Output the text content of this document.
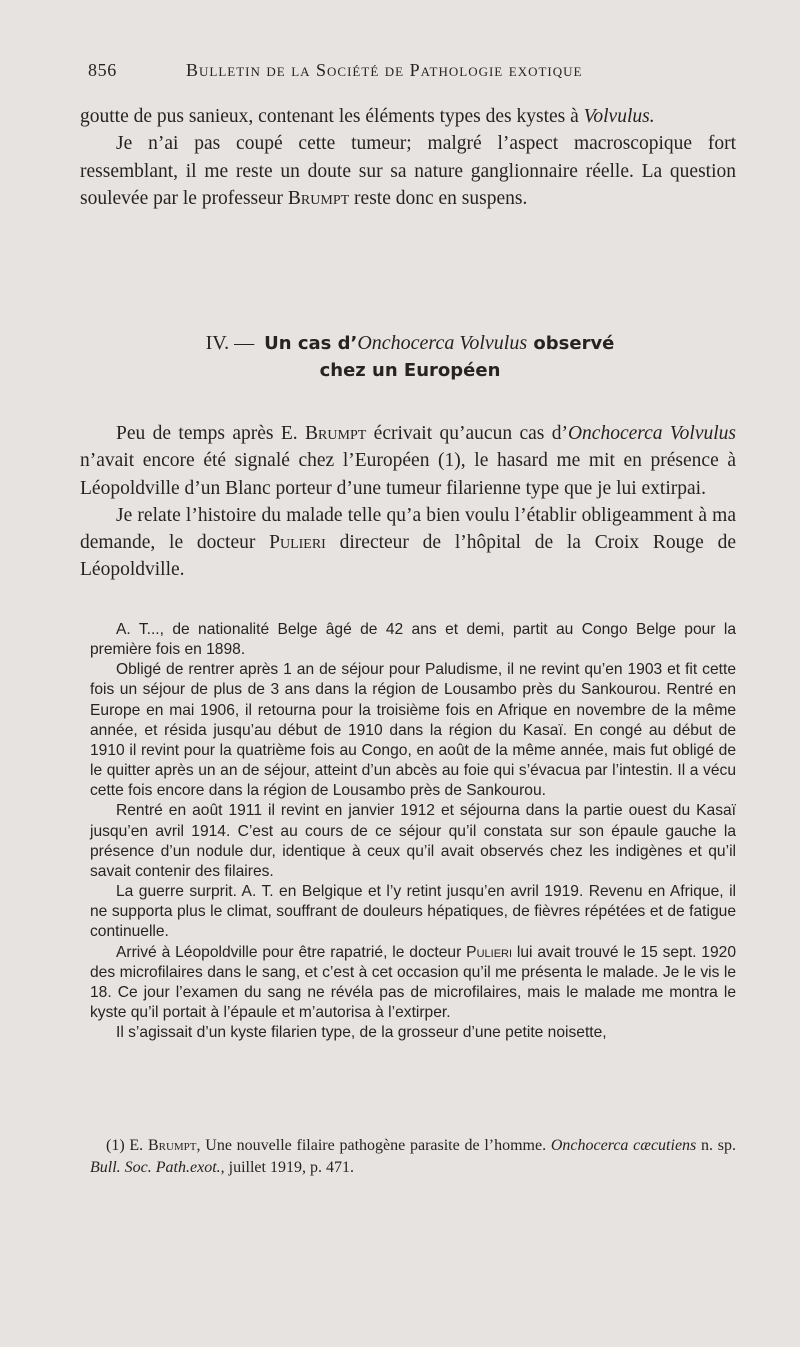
856	Bulletin de la Société de Pathologie exotique

goutte de pus sanieux, contenant les éléments types des kystes à Volvulus.

Je n’ai pas coupé cette tumeur; malgré l’aspect macroscopique fort ressemblant, il me reste un doute sur sa nature ganglionnaire réelle. La question soulevée par le professeur Brumpt reste donc en suspens.

IV. — Un cas d’Onchocerca Volvulus observé
chez un Européen

Peu de temps après E. Brumpt écrivait qu’aucun cas d’Onchocerca Volvulus n’avait encore été signalé chez l’Européen (1), le hasard me mit en présence à Léopoldville d’un Blanc porteur d’une tumeur filarienne type que je lui extirpai.

Je relate l’histoire du malade telle qu’a bien voulu l’établir obligeamment à ma demande, le docteur Pulieri directeur de l’hôpital de la Croix Rouge de Léopoldville.

A. T..., de nationalité Belge âgé de 42 ans et demi, partit au Congo Belge pour la première fois en 1898.

Obligé de rentrer après 1 an de séjour pour Paludisme, il ne revint qu’en 1903 et fit cette fois un séjour de plus de 3 ans dans la région de Lousambo près du Sankourou. Rentré en Europe en mai 1906, il retourna pour la troisième fois en Afrique en novembre de la même année, et résida jusqu’au début de 1910 dans la région du Kasaï. En congé au début de 1910 il revint pour la quatrième fois au Congo, en août de la même année, mais fut obligé de le quitter après un an de séjour, atteint d’un abcès au foie qui s’évacua par l’intestin. Il a vécu cette fois encore dans la région de Lousambo près de Sankourou.

Rentré en août 1911 il revint en janvier 1912 et séjourna dans la partie ouest du Kasaï jusqu’en avril 1914. C’est au cours de ce séjour qu’il constata sur son épaule gauche la présence d’un nodule dur, identique à ceux qu’il avait observés chez les indigènes et qu’il savait contenir des filaires.

La guerre surprit. A. T. en Belgique et l’y retint jusqu’en avril 1919. Revenu en Afrique, il ne supporta plus le climat, souffrant de douleurs hépatiques, de fièvres répétées et de fatigue continuelle.

Arrivé à Léopoldville pour être rapatrié, le docteur Pulieri lui avait trouvé le 15 sept. 1920 des microfilaires dans le sang, et c’est à cet occasion qu’il me présenta le malade. Je le vis le 18. Ce jour l’examen du sang ne révéla pas de microfilaires, mais le malade me montra le kyste qu’il portait à l’épaule et m’autorisa à l’extirper.

Il s’agissait d’un kyste filarien type, de la grosseur d’une petite noisette,

(1) E. Brumpt, Une nouvelle filaire pathogène parasite de l’homme. Onchocerca cæcutiens n. sp. Bull. Soc. Path.exot., juillet 1919, p. 471.
